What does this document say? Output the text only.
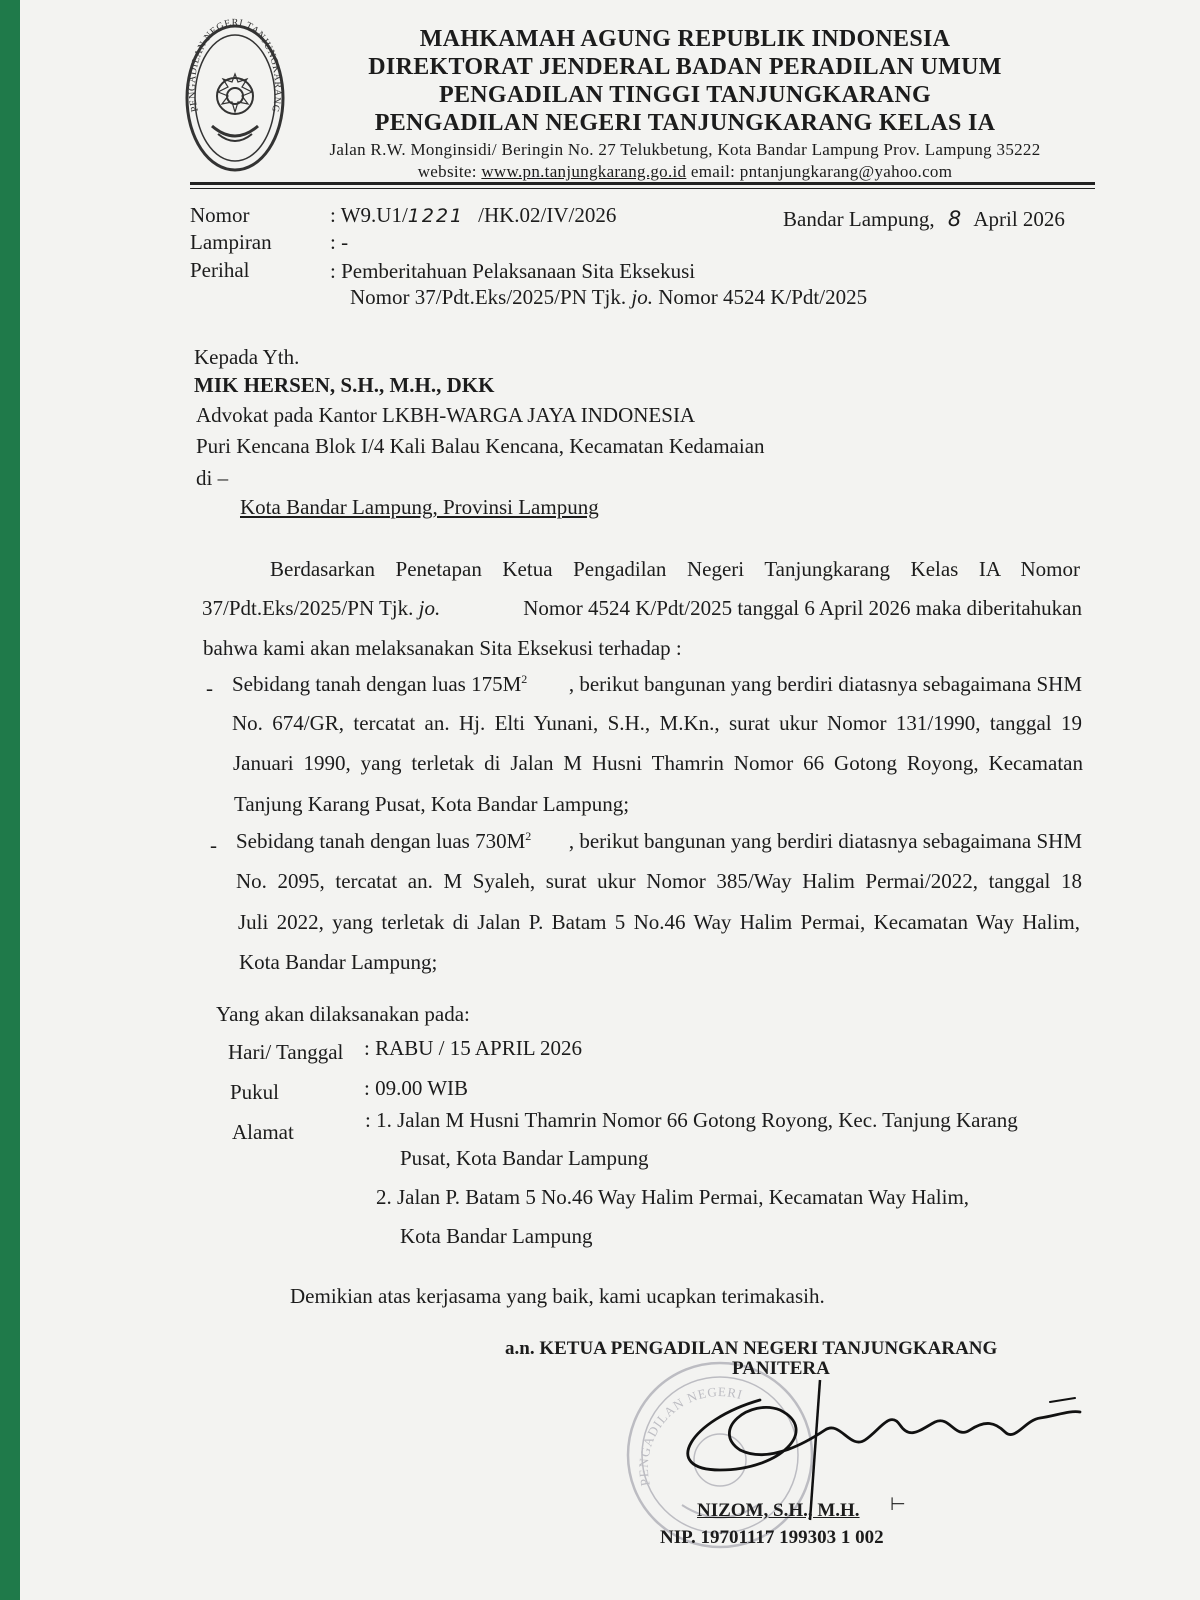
PENGADILAN NEGERI TANJUNGKARANG
MAHKAMAH AGUNG REPUBLIK INDONESIA
DIREKTORAT JENDERAL BADAN PERADILAN UMUM
PENGADILAN TINGGI TANJUNGKARANG
PENGADILAN NEGERI TANJUNGKARANG KELAS IA
Jalan R.W. Monginsidi/ Beringin No. 27 Telukbetung, Kota Bandar Lampung Prov. Lampung 35222
website: www.pn.tanjungkarang.go.id email: pntanjungkarang@yahoo.com
Nomor	: W9.U1/1221 /HK.02/IV/2026	Bandar Lampung, 8 April 2026
Lampiran	: -
Perihal	: Pemberitahuan Pelaksanaan Sita Eksekusi
Nomor 37/Pdt.Eks/2025/PN Tjk. jo. Nomor 4524 K/Pdt/2025
Kepada Yth.
MIK HERSEN, S.H., M.H., DKK
Advokat pada Kantor LKBH-WARGA JAYA INDONESIA
Puri Kencana Blok I/4 Kali Balau Kencana, Kecamatan Kedamaian
di –
Kota Bandar Lampung, Provinsi Lampung
Berdasarkan Penetapan Ketua Pengadilan Negeri Tanjungkarang Kelas IA Nomor
37/Pdt.Eks/2025/PN Tjk. jo.	Nomor 4524 K/Pdt/2025 tanggal 6 April 2026 maka diberitahukan
bahwa kami akan melaksanakan Sita Eksekusi terhadap :
- Sebidang tanah dengan luas $175M^2$ , berikut bangunan yang berdiri diatasnya sebagaimana SHM
No. 674/GR, tercatat an. Hj. Elti Yunani, S.H., M.Kn., surat ukur Nomor 131/1990, tanggal 19
Januari 1990, yang terletak di Jalan M Husni Thamrin Nomor 66 Gotong Royong, Kecamatan
Tanjung Karang Pusat, Kota Bandar Lampung;
- Sebidang tanah dengan luas $730M^2$ , berikut bangunan yang berdiri diatasnya sebagaimana SHM
No. 2095, tercatat an. M Syaleh, surat ukur Nomor 385/Way Halim Permai/2022, tanggal 18
Juli 2022, yang terletak di Jalan P. Batam 5 No.46 Way Halim Permai, Kecamatan Way Halim,
Kota Bandar Lampung;
Yang akan dilaksanakan pada:
Hari/ Tanggal : RABU / 15 APRIL 2026
Pukul	: 09.00 WIB
Alamat	: 1. Jalan M Husni Thamrin Nomor 66 Gotong Royong, Kec. Tanjung Karang
Pusat, Kota Bandar Lampung
2. Jalan P. Batam 5 No.46 Way Halim Permai, Kecamatan Way Halim,
Kota Bandar Lampung
Demikian atas kerjasama yang baik, kami ucapkan terimakasih.
PENGADILAN NEGERI
a.n. KETUA PENGADILAN NEGERI TANJUNGKARANG
PANITERA
NIZOM, S.H., M.H. ⊢
NIP. 19701117 199303 1 002
